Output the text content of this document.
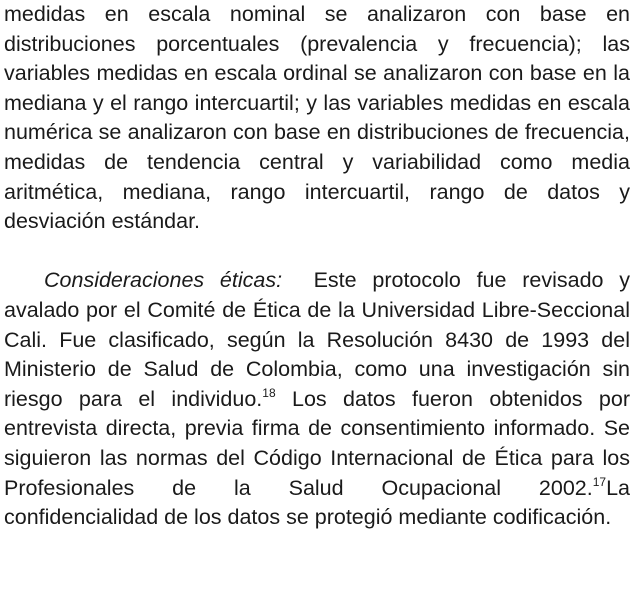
medidas en escala nominal se analizaron con base en distribuciones porcentuales (prevalencia y frecuencia); las variables medidas en escala ordinal se analizaron con base en la mediana y el rango intercuartil; y las variables medidas en escala numérica se analizaron con base en distribuciones de frecuencia, medidas de tendencia central y variabilidad como media aritmética, mediana, rango intercuartil, rango de datos y desviación estándar.

Consideraciones éticas: Este protocolo fue revisado y avalado por el Comité de Ética de la Universidad Libre-Seccional Cali. Fue clasificado, según la Resolución 8430 de 1993 del Ministerio de Salud de Colombia, como una investigación sin riesgo para el individuo.$^{18}$ Los datos fueron obtenidos por entrevista directa, previa firma de consentimiento informado. Se siguieron las normas del Código Internacional de Ética para los Profesionales de la Salud Ocupacional 2002.17La confidencialidad de los datos se protegió mediante codificación.
